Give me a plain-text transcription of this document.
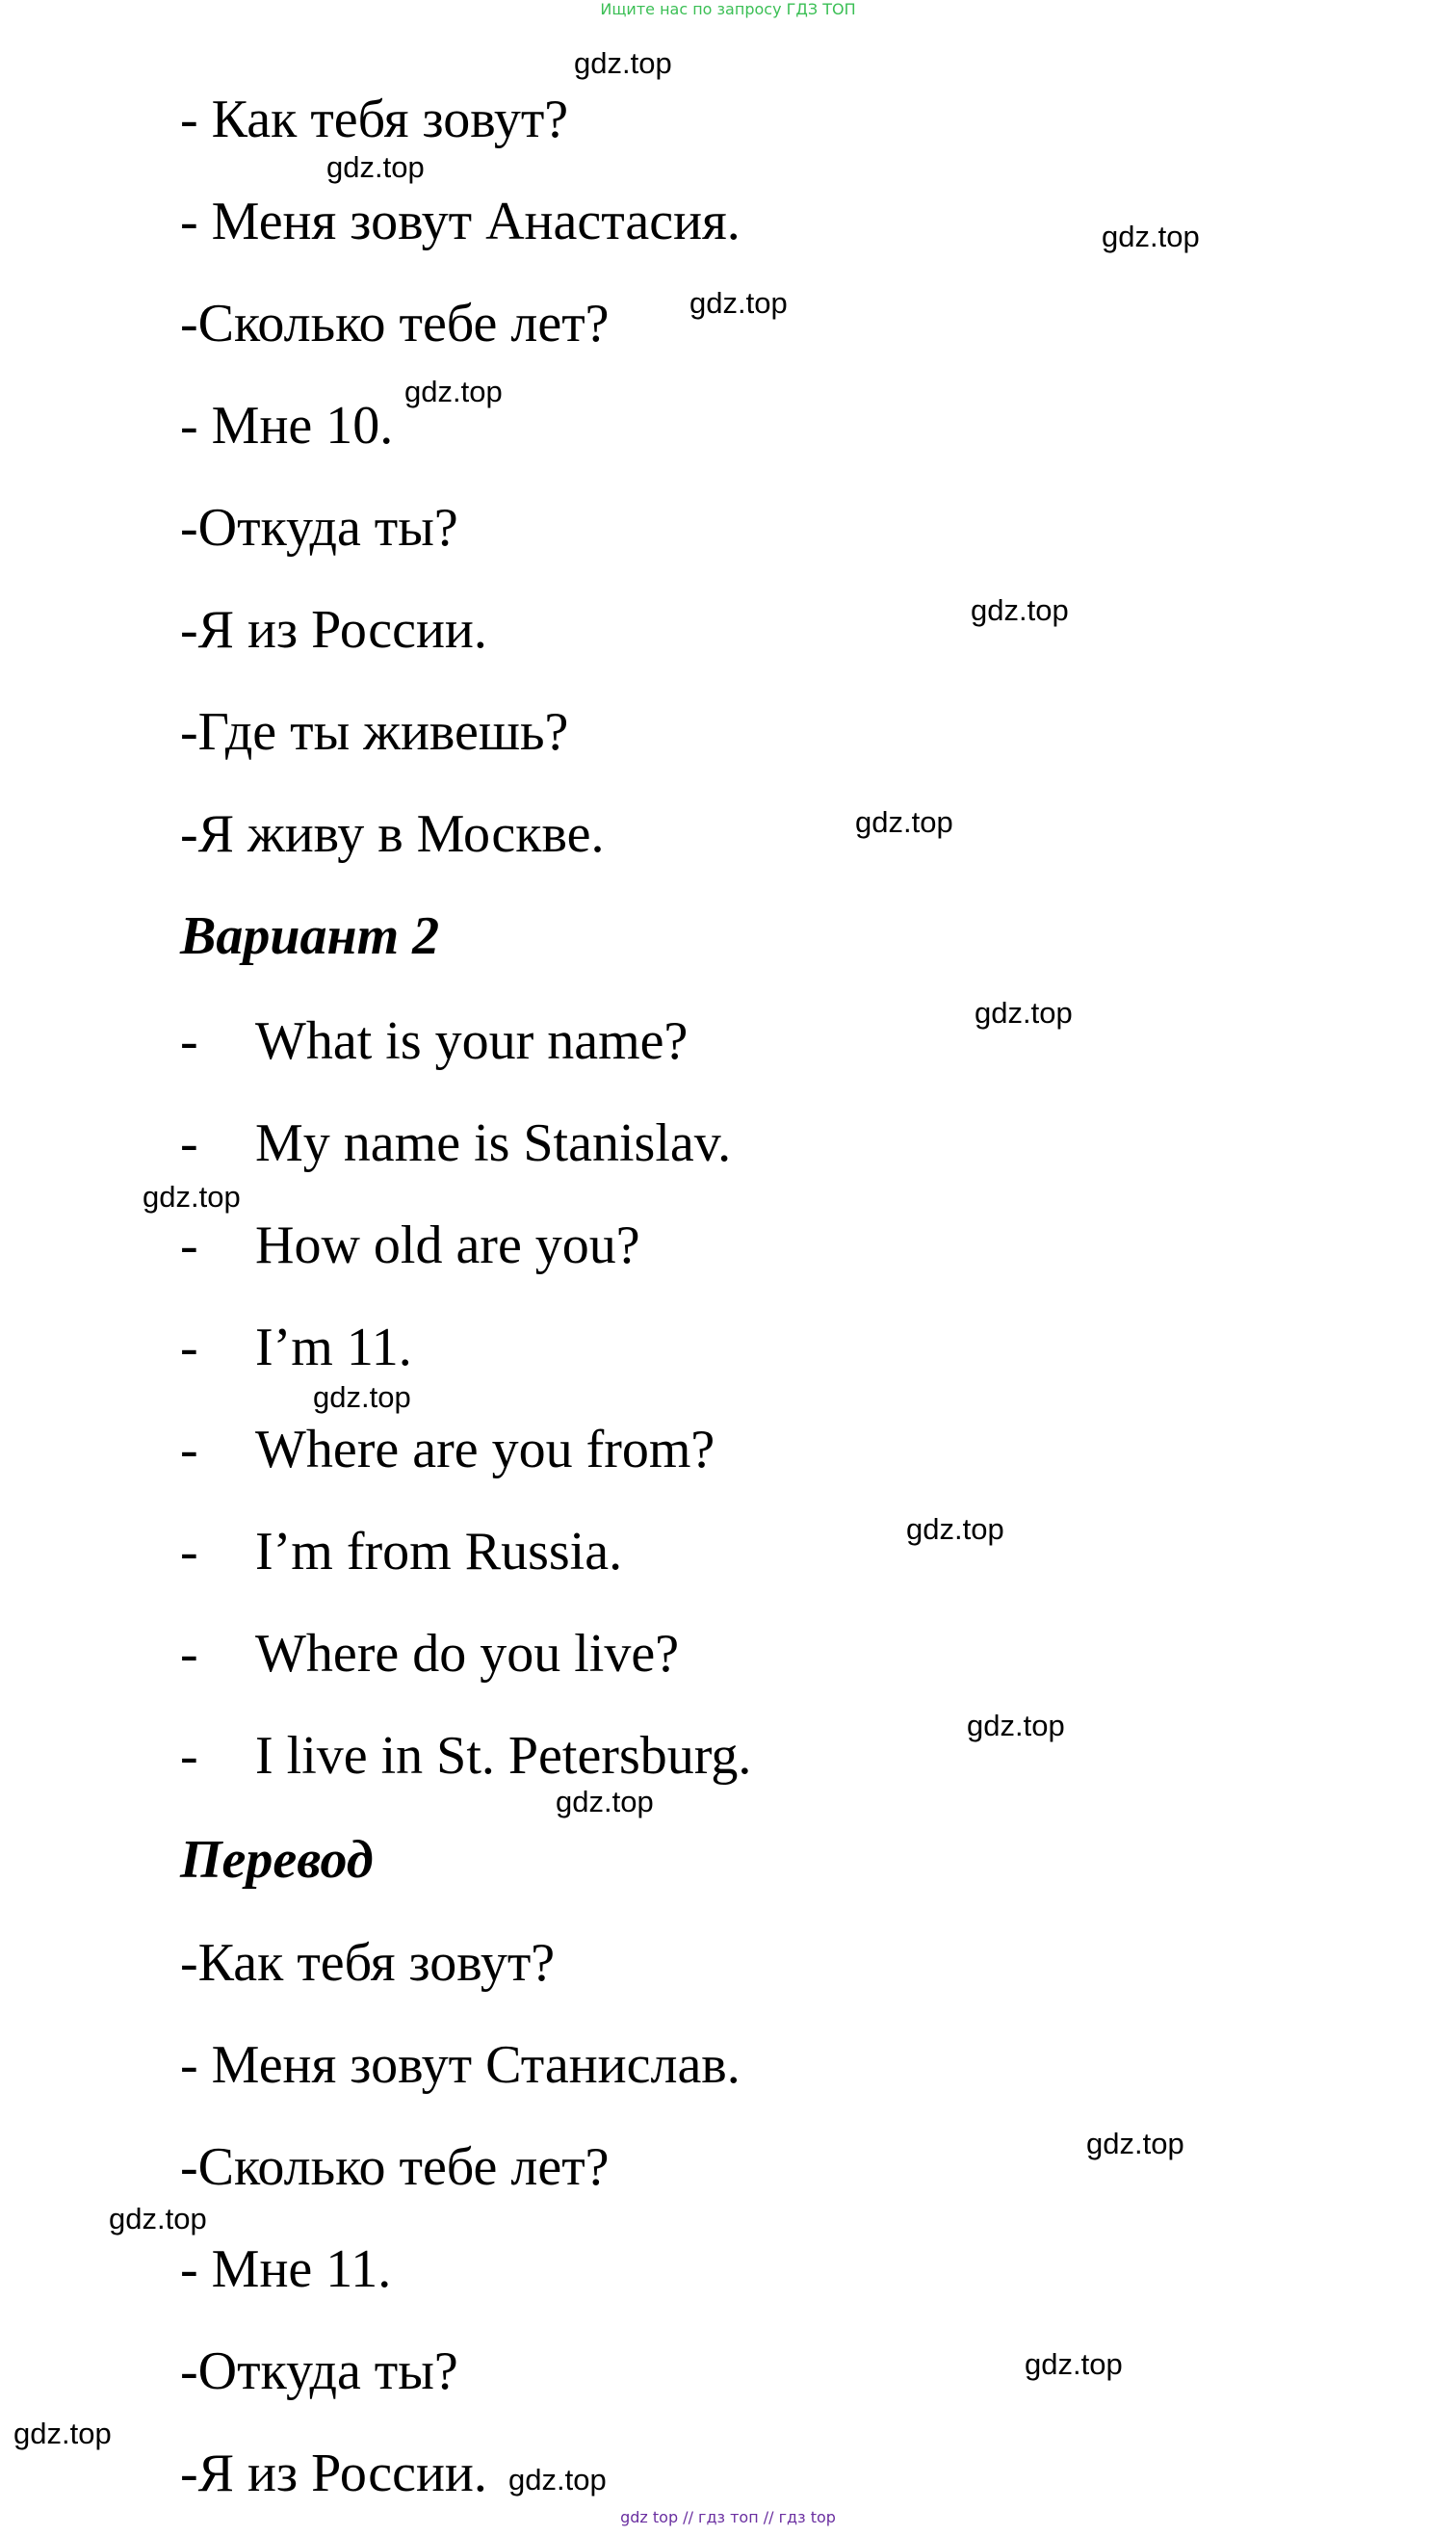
Ищите нас по запросу ГДЗ ТОП
- Как тебя зовут?
- Меня зовут Анастасия.
-Сколько тебе лет?
- Мне 10.
-Откуда ты?
-Я из России.
-Где ты живешь?
-Я живу в Москве.
Вариант 2
- What is your name?
- My name is Stanislav.
- How old are you?
- I’m 11.
- Where are you from?
- I’m from Russia.
- Where do you live?
- I live in St. Petersburg.
Перевод
-Как тебя зовут?
- Меня зовут Станислав.
-Сколько тебе лет?
- Мне 11.
-Откуда ты?
-Я из России.
gdz.top
gdz.top
gdz.top
gdz.top
gdz.top
gdz.top
gdz.top
gdz.top
gdz.top
gdz.top
gdz.top
gdz.top
gdz.top
gdz.top
gdz.top
gdz.top
gdz.top
gdz.top
gdz top // гдз топ // гдз top
